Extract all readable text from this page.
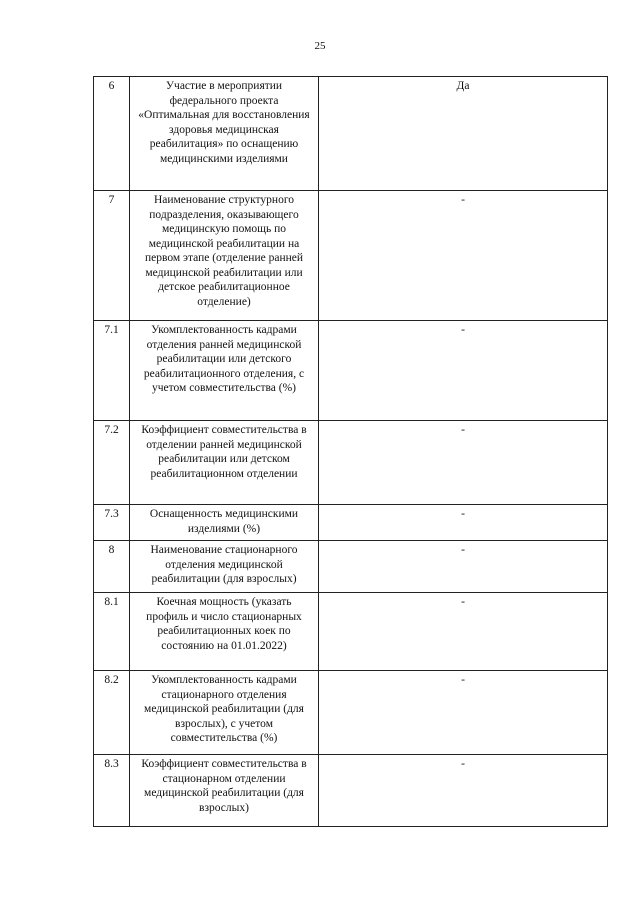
25
6	Участие в мероприятии федерального проекта «Оптимальная для восстановления здоровья медицинская реабилитация» по оснащению медицинскими изделиями	Да
7	Наименование структурного подразделения, оказывающего медицинскую помощь по медицинской реабилитации на первом этапе (отделение ранней медицинской реабилитации или детское реабилитационное отделение)	-
7.1	Укомплектованность кадрами отделения ранней медицинской реабилитации или детского реабилитационного отделения, с учетом совместительства (%)	-
7.2	Коэффициент совместительства в отделении ранней медицинской реабилитации или детском реабилитационном отделении	-
7.3	Оснащенность медицинскими изделиями (%)	-
8	Наименование стационарного отделения медицинской реабилитации (для взрослых)	-
8.1	Коечная мощность (указать профиль и число стационарных реабилитационных коек по состоянию на 01.01.2022)	-
8.2	Укомплектованность кадрами стационарного отделения медицинской реабилитации (для взрослых), с учетом совместительства (%)	-
8.3	Коэффициент совместительства в стационарном отделении медицинской реабилитации (для взрослых)	-
